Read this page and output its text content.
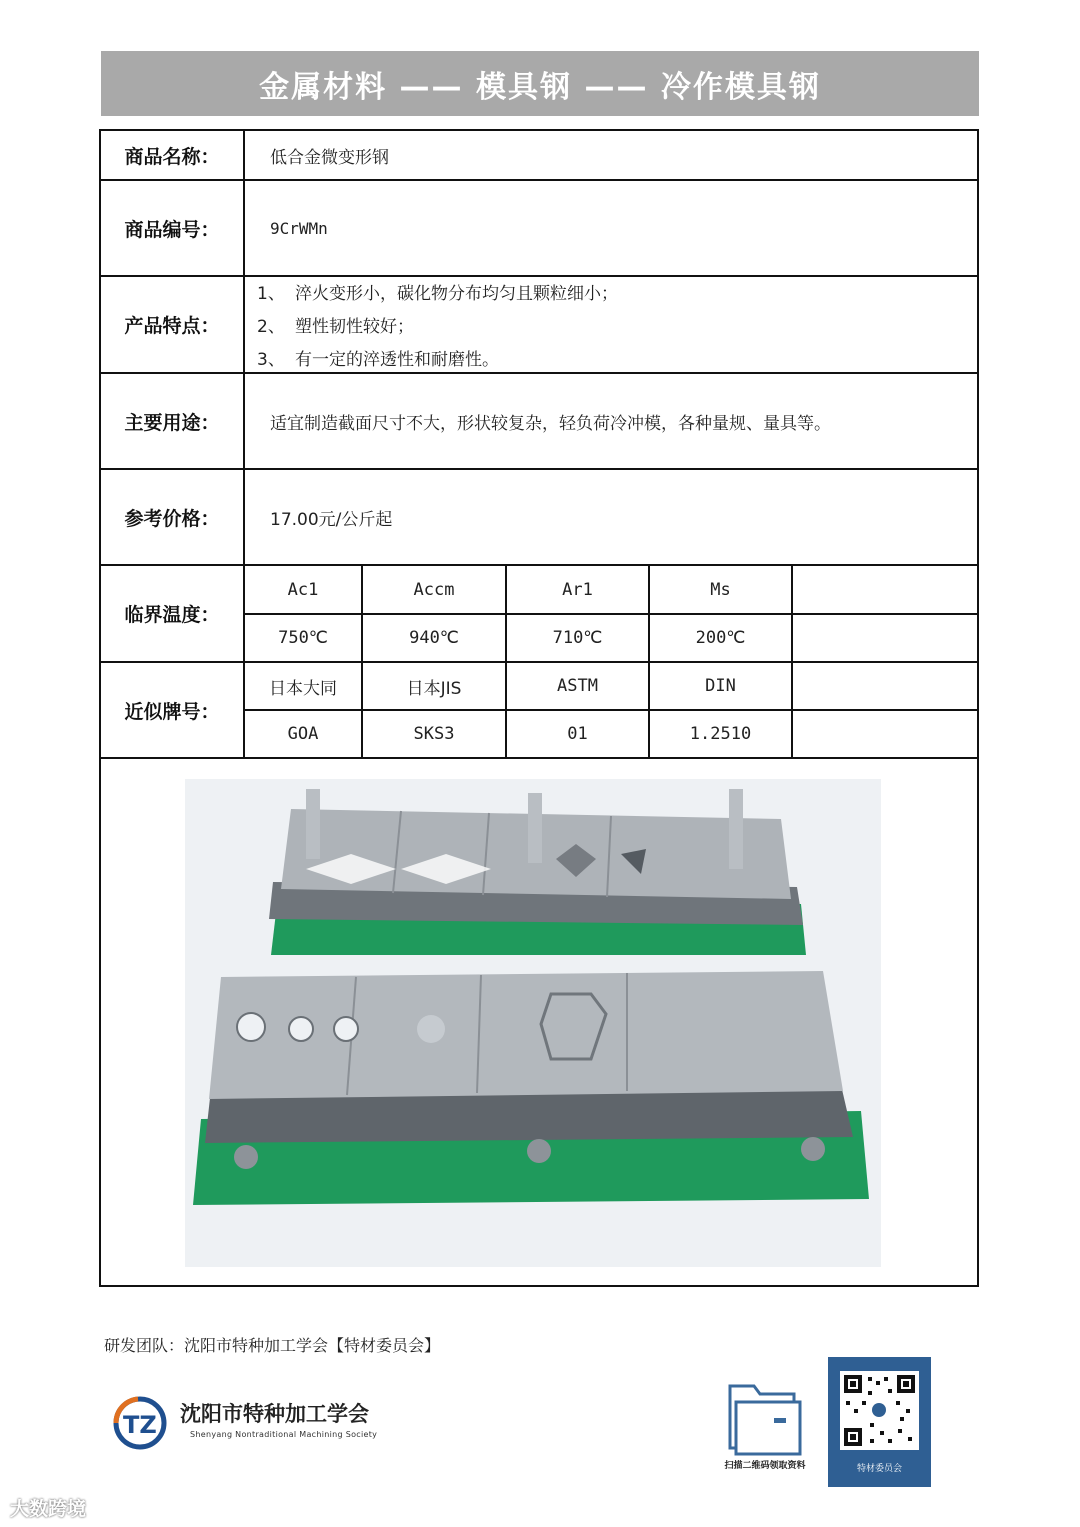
金属材料 —— 模具钢 —— 冷作模具钢
商品名称：	低合金微变形钢
商品编号：	9CrWMn
产品特点：
1、 淬火变形小，碳化物分布均匀且颗粒细小；
2、 塑性韧性较好；
3、 有一定的淬透性和耐磨性。
主要用途：	适宜制造截面尺寸不大，形状较复杂，轻负荷冷冲模，各种量规、量具等。
参考价格：	17.00元/公斤起
临界温度：
Ac1	Accm	Ar1	Ms
750℃	940℃	710℃	200℃
近似牌号：
日本大同	日本JIS	ASTM	DIN
GOA	SKS3	01	1.2510
研发团队：沈阳市特种加工学会【特材委员会】
TZ 沈阳市特种加工学会
Shenyang Nontraditional Machining Society
扫描二维码领取资料	特材委员会
大数跨境
